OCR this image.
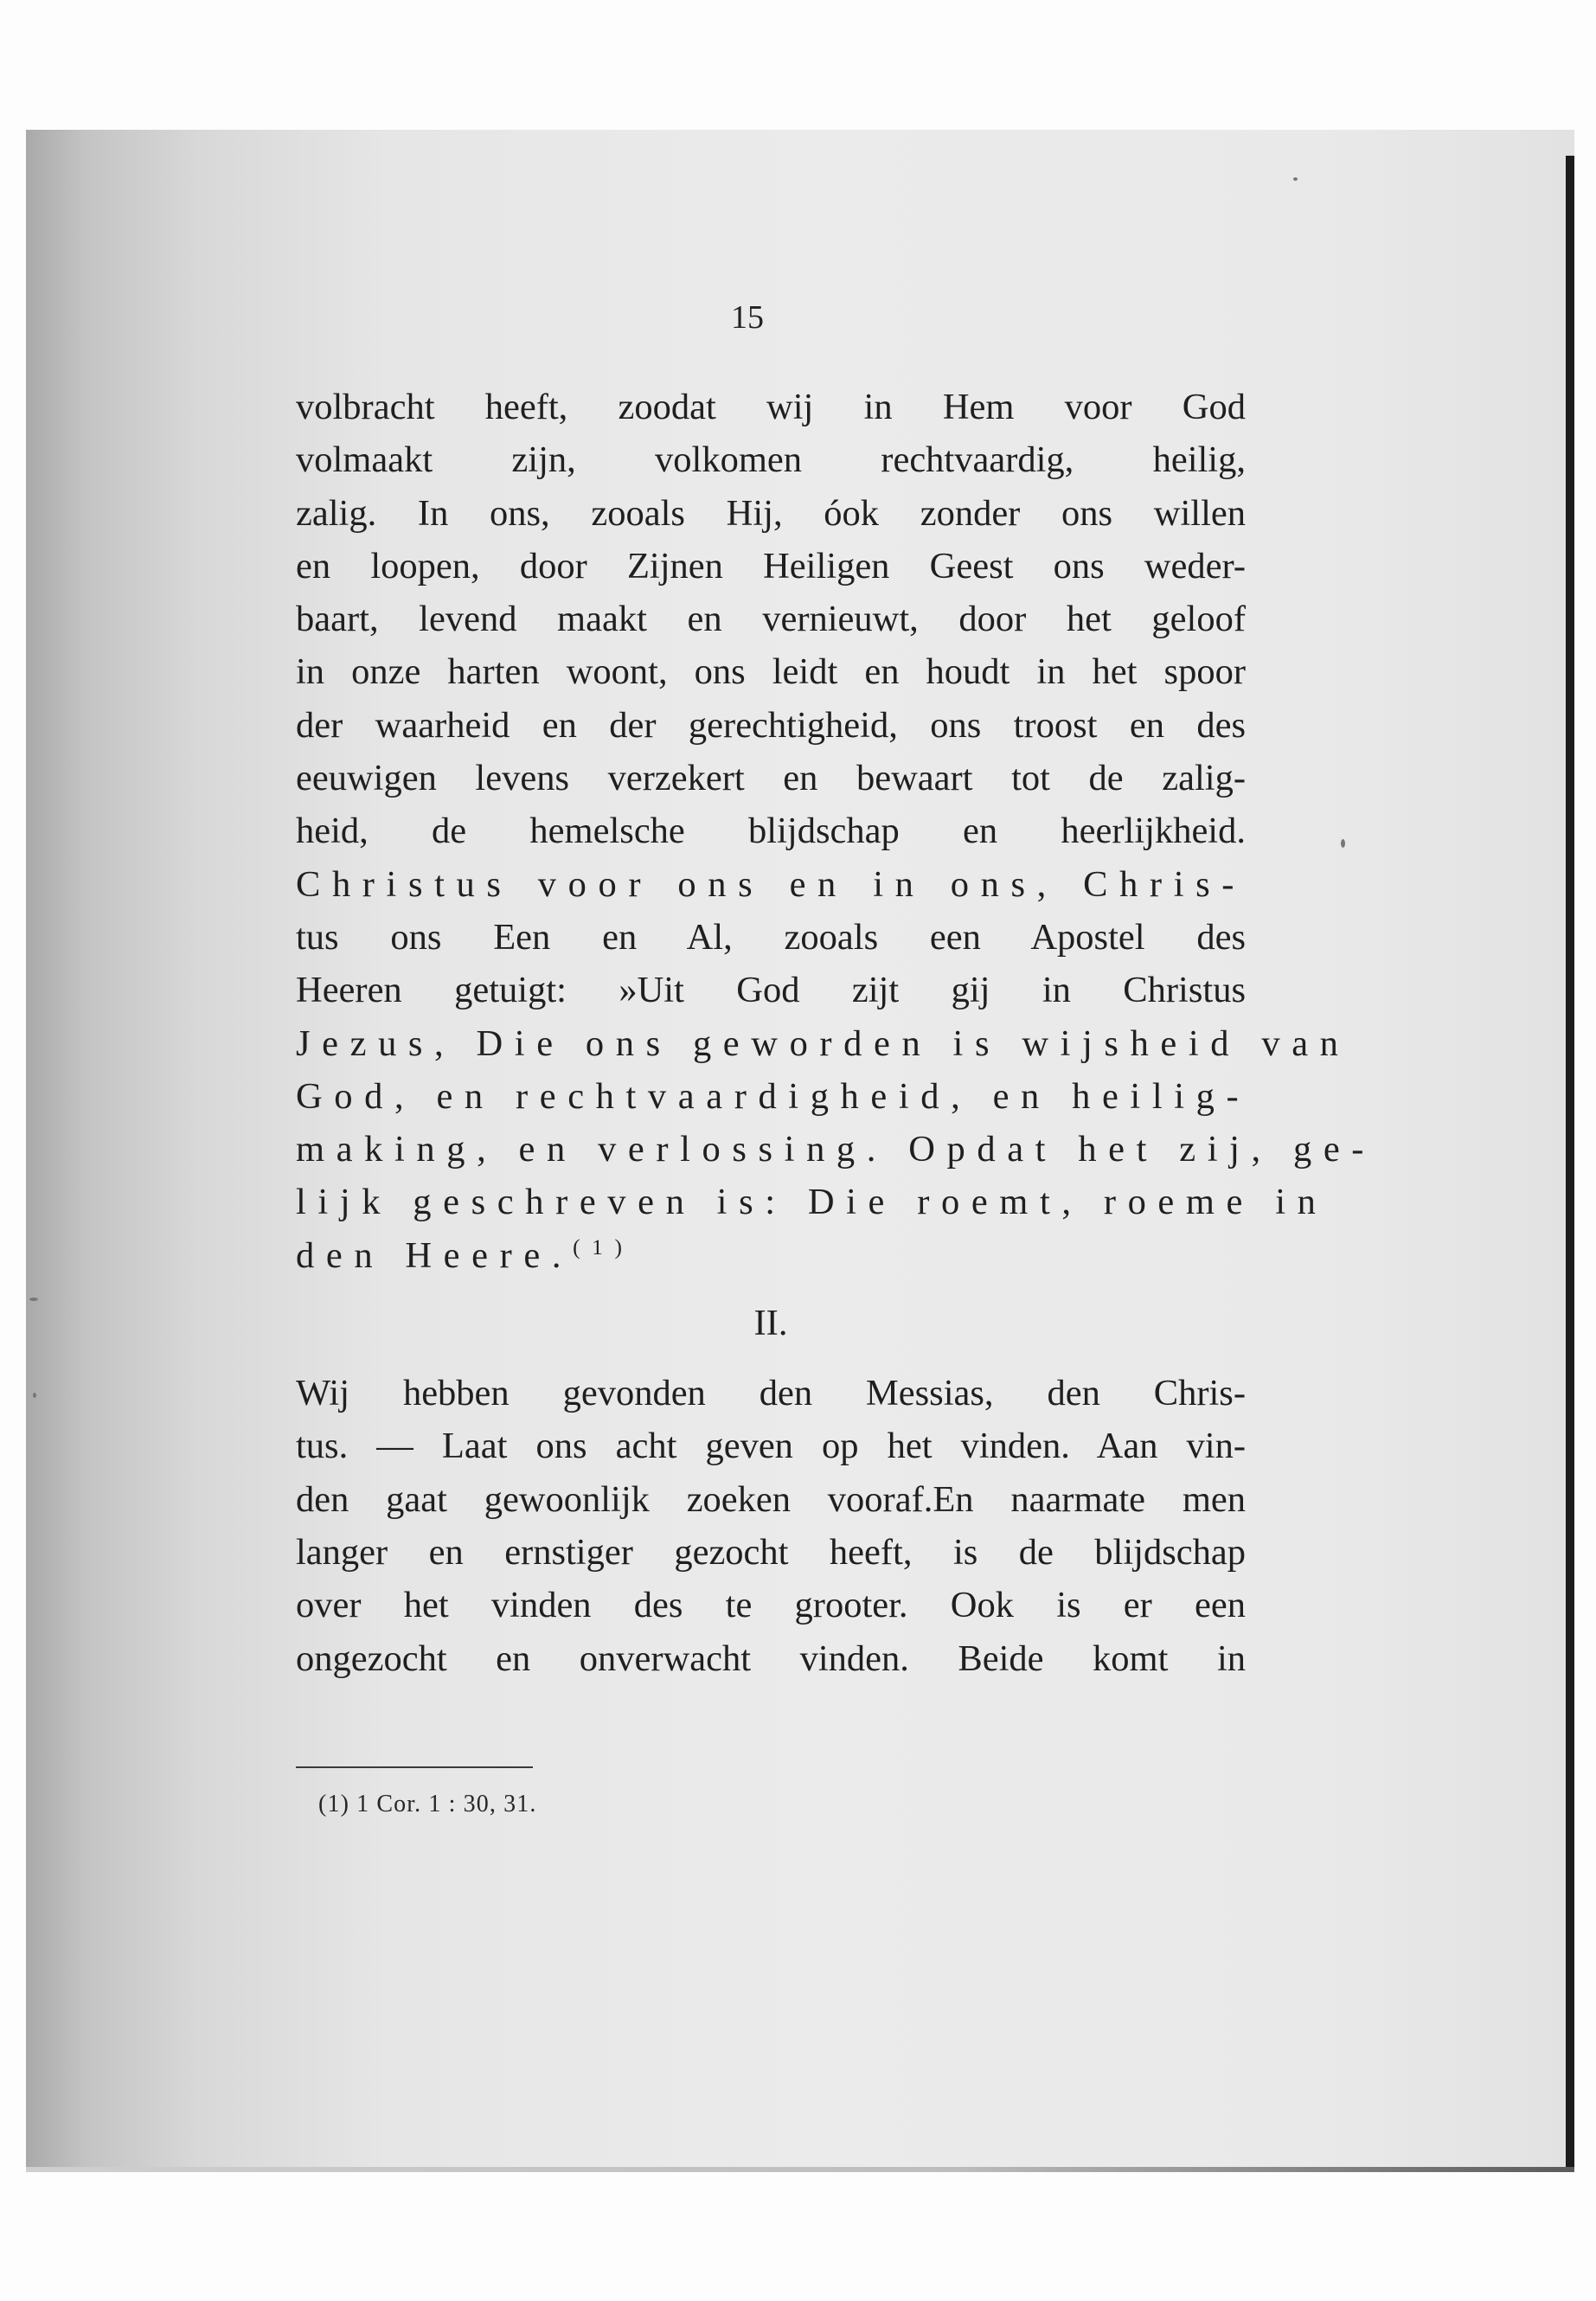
15
volbracht heeft, zoodat wij in Hem voor God
volmaakt zijn, volkomen rechtvaardig, heilig,
zalig. In ons, zooals Hij, óok zonder ons willen
en loopen, door Zijnen Heiligen Geest ons weder-
baart, levend maakt en vernieuwt, door het geloof
in onze harten woont, ons leidt en houdt in het spoor
der waarheid en der gerechtigheid, ons troost en des
eeuwigen levens verzekert en bewaart tot de zalig-
heid, de hemelsche blijdschap en heerlijkheid.
Christus voor ons en in ons, Chris-
tus ons Een en Al, zooals een Apostel des
Heeren getuigt: »Uit God zijt gij in Christus
Jezus, Die ons geworden is wijsheid van
God, en rechtvaardigheid, en heilig-
making, en verlossing. Opdat het zij, ge-
lijk geschreven is: Die roemt, roeme in
den Heere.$^{(1)}$
II.
Wij hebben gevonden den Messias, den Chris-
tus. — Laat ons acht geven op het vinden. Aan vin-
den gaat gewoonlijk zoeken vooraf.En naarmate men
langer en ernstiger gezocht heeft, is de blijdschap
over het vinden des te grooter. Ook is er een
ongezocht en onverwacht vinden. Beide komt in
(1) 1 Cor. 1 : 30, 31.
